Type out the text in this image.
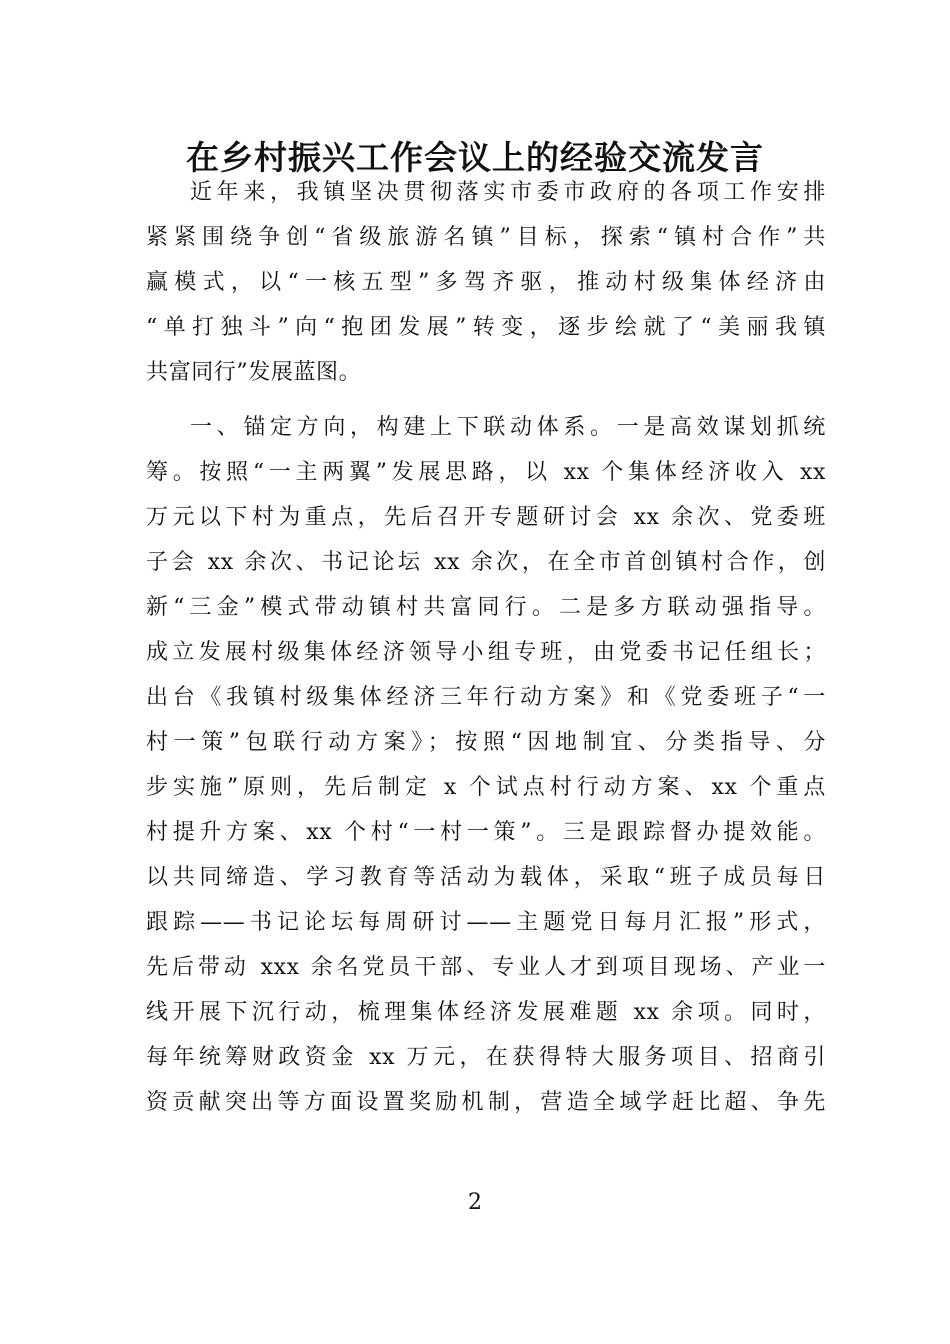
在乡村振兴工作会议上的经验交流发言
近年来，我镇坚决贯彻落实市委市政府的各项工作安排
紧紧围绕争创“省级旅游名镇”目标，探索“镇村合作”共
赢模式，以“一核五型”多驾齐驱，推动村级集体经济由
“单打独斗”向“抱团发展”转变，逐步绘就了“美丽我镇
共富同行”发展蓝图。
一、锚定方向，构建上下联动体系。一是高效谋划抓统
筹。按照“一主两翼”发展思路，以 xx 个集体经济收入 xx
万元以下村为重点，先后召开专题研讨会 xx 余次、党委班
子会 xx 余次、书记论坛 xx 余次，在全市首创镇村合作，创
新“三金”模式带动镇村共富同行。二是多方联动强指导。
成立发展村级集体经济领导小组专班，由党委书记任组长；
出台《我镇村级集体经济三年行动方案》和《党委班子“一
村一策”包联行动方案》；按照“因地制宜、分类指导、分
步实施”原则，先后制定 x 个试点村行动方案、xx 个重点
村提升方案、xx 个村“一村一策”。三是跟踪督办提效能。
以共同缔造、学习教育等活动为载体，采取“班子成员每日
跟踪——书记论坛每周研讨——主题党日每月汇报”形式，
先后带动 xxx 余名党员干部、专业人才到项目现场、产业一
线开展下沉行动，梳理集体经济发展难题 xx 余项。同时，
每年统筹财政资金 xx 万元，在获得特大服务项目、招商引
资贡献突出等方面设置奖励机制，营造全域学赶比超、争先
2
